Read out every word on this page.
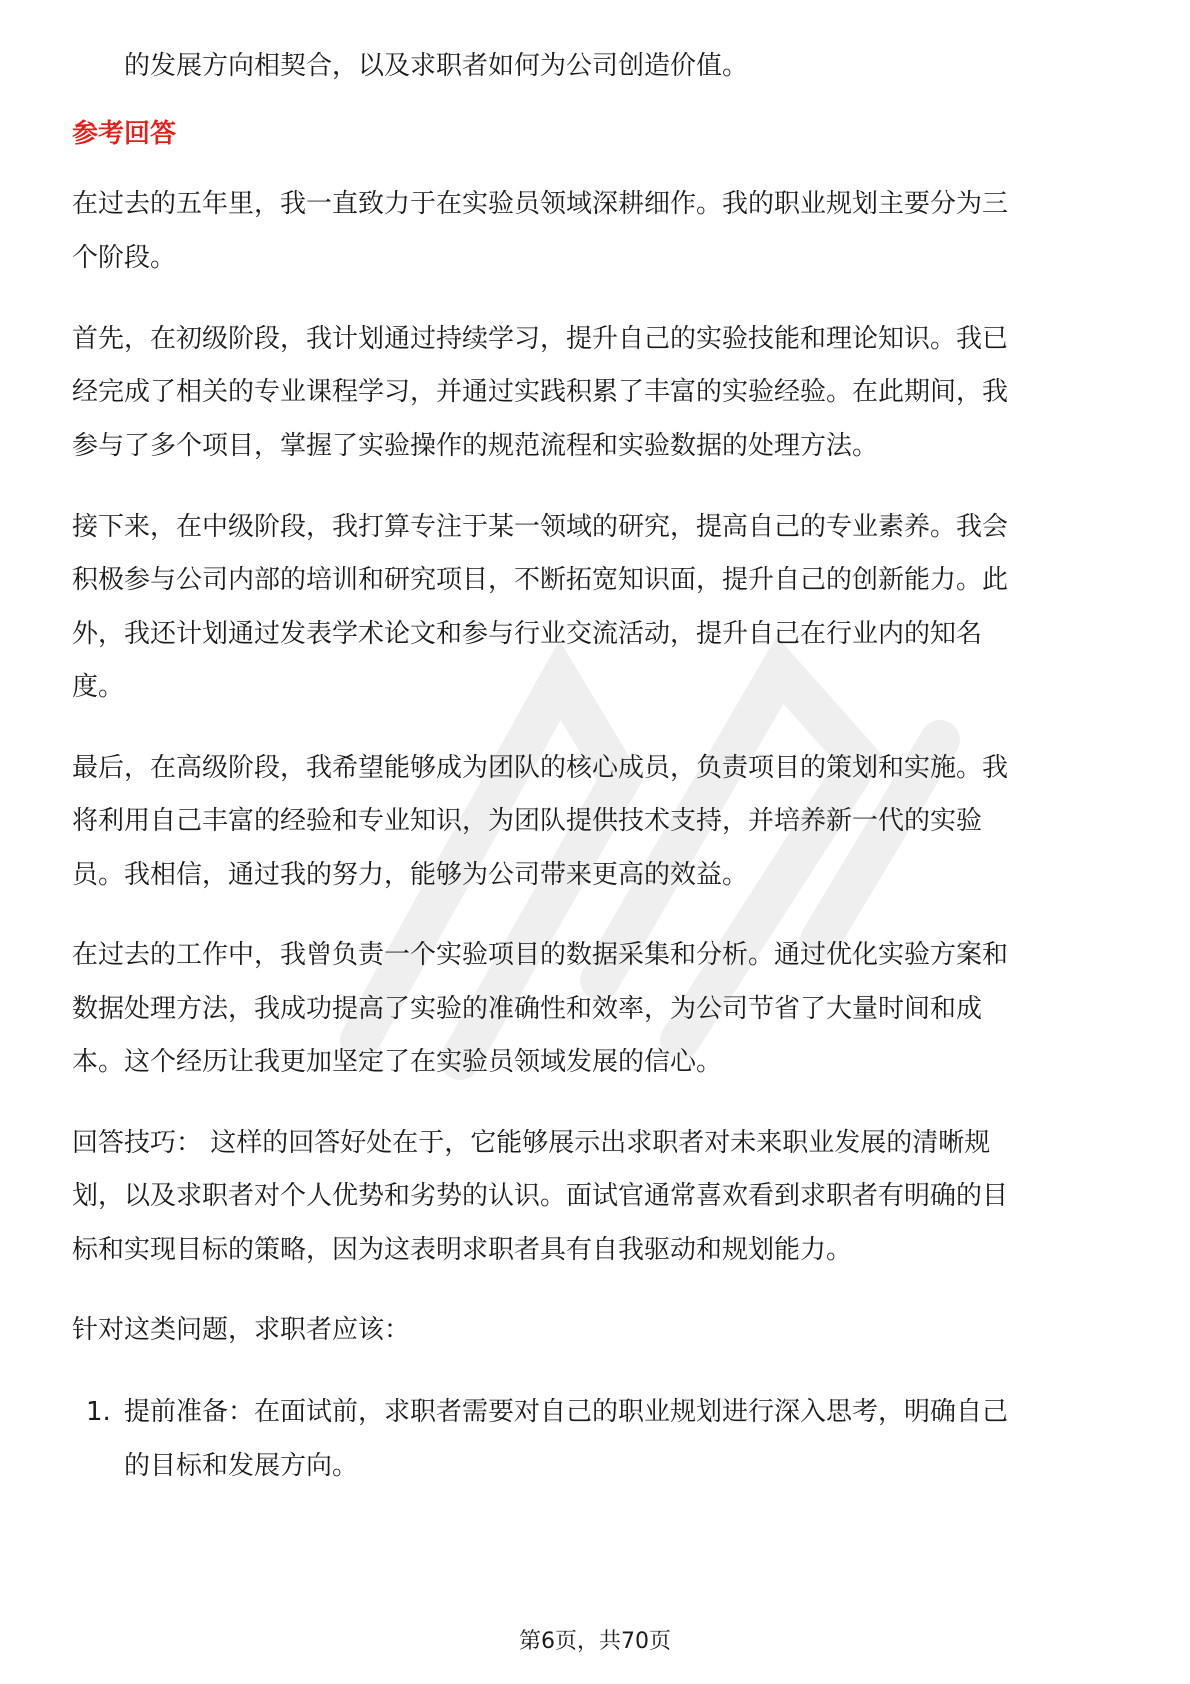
的发展方向相契合，以及求职者如何为公司创造价值。
参考回答
在过去的五年里，我一直致力于在实验员领域深耕细作。我的职业规划主要分为三
个阶段。
首先，在初级阶段，我计划通过持续学习，提升自己的实验技能和理论知识。我已
经完成了相关的专业课程学习，并通过实践积累了丰富的实验经验。在此期间，我
参与了多个项目，掌握了实验操作的规范流程和实验数据的处理方法。
接下来，在中级阶段，我打算专注于某一领域的研究，提高自己的专业素养。我会
积极参与公司内部的培训和研究项目，不断拓宽知识面，提升自己的创新能力。此
外，我还计划通过发表学术论文和参与行业交流活动，提升自己在行业内的知名
度。
最后，在高级阶段，我希望能够成为团队的核心成员，负责项目的策划和实施。我
将利用自己丰富的经验和专业知识，为团队提供技术支持，并培养新一代的实验
员。我相信，通过我的努力，能够为公司带来更高的效益。
在过去的工作中，我曾负责一个实验项目的数据采集和分析。通过优化实验方案和
数据处理方法，我成功提高了实验的准确性和效率，为公司节省了大量时间和成
本。这个经历让我更加坚定了在实验员领域发展的信心。
回答技巧： 这样的回答好处在于，它能够展示出求职者对未来职业发展的清晰规
划，以及求职者对个人优势和劣势的认识。面试官通常喜欢看到求职者有明确的目
标和实现目标的策略，因为这表明求职者具有自我驱动和规划能力。
针对这类问题，求职者应该：
1. 提前准备：在面试前，求职者需要对自己的职业规划进行深入思考，明确自己
的目标和发展方向。
第6页，共70页
